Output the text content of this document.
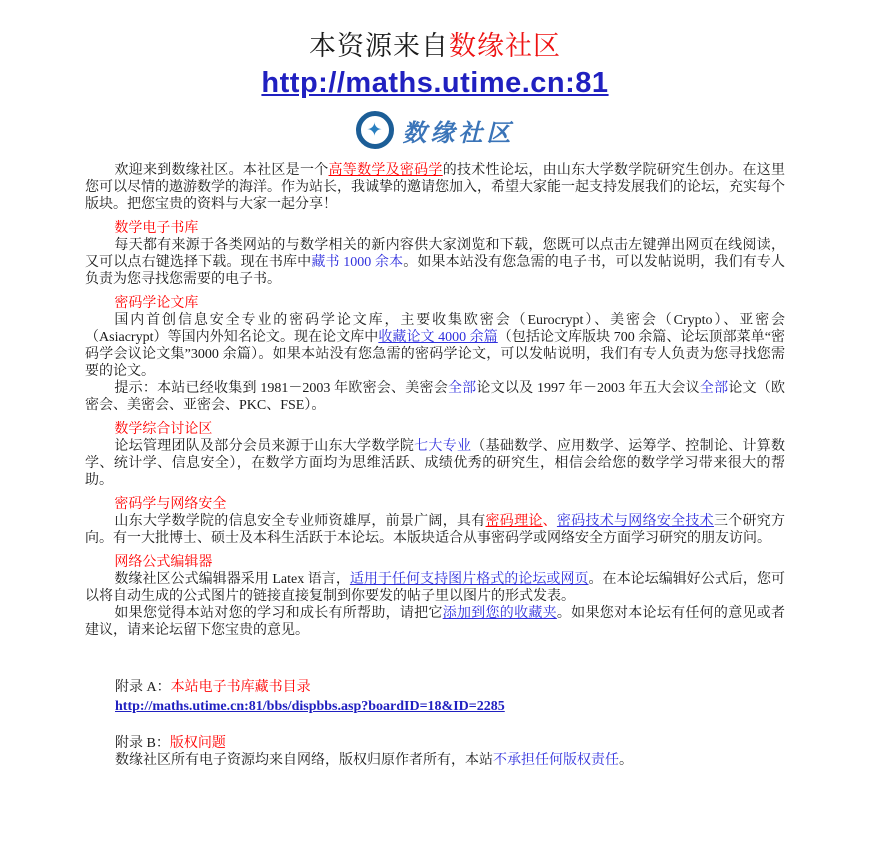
本资源来自数缘社区
http://maths.utime.cn:81
✦ 数缘社区

欢迎来到数缘社区。本社区是一个高等数学及密码学的技术性论坛，由山东大学数学院研究生创办。在这里您可以尽情的遨游数学的海洋。作为站长，我诚挚的邀请您加入，希望大家能一起支持发展我们的论坛，充实每个版块。把您宝贵的资料与大家一起分享！

数学电子书库

每天都有来源于各类网站的与数学相关的新内容供大家浏览和下载，您既可以点击左键弹出网页在线阅读，又可以点右键选择下载。现在书库中藏书 1000 余本。如果本站没有您急需的电子书，可以发帖说明，我们有专人负责为您寻找您需要的电子书。

密码学论文库

国内首创信息安全专业的密码学论文库，主要收集欧密会（Eurocrypt）、美密会（Crypto）、亚密会（Asiacrypt）等国内外知名论文。现在论文库中收藏论文 4000 余篇（包括论文库版块 700 余篇、论坛顶部菜单“密码学会议论文集”3000 余篇）。如果本站没有您急需的密码学论文，可以发帖说明，我们有专人负责为您寻找您需要的论文。

提示：本站已经收集到 1981－2003 年欧密会、美密会全部论文以及 1997 年－2003 年五大会议全部论文（欧密会、美密会、亚密会、PKC、FSE）。

数学综合讨论区

论坛管理团队及部分会员来源于山东大学数学院七大专业（基础数学、应用数学、运筹学、控制论、计算数学、统计学、信息安全），在数学方面均为思维活跃、成绩优秀的研究生，相信会给您的数学学习带来很大的帮助。

密码学与网络安全

山东大学数学院的信息安全专业师资雄厚，前景广阔，具有密码理论、密码技术与网络安全技术三个研究方向。有一大批博士、硕士及本科生活跃于本论坛。本版块适合从事密码学或网络安全方面学习研究的朋友访问。

网络公式编辑器

数缘社区公式编辑器采用 Latex 语言，适用于任何支持图片格式的论坛或网页。在本论坛编辑好公式后，您可以将自动生成的公式图片的链接直接复制到你要发的帖子里以图片的形式发表。

如果您觉得本站对您的学习和成长有所帮助，请把它添加到您的收藏夹。如果您对本论坛有任何的意见或者建议，请来论坛留下您宝贵的意见。

附录 A：本站电子书库藏书目录

http://maths.utime.cn:81/bbs/dispbbs.asp?boardID=18&ID=2285

附录 B：版权问题

数缘社区所有电子资源均来自网络，版权归原作者所有，本站不承担任何版权责任。
